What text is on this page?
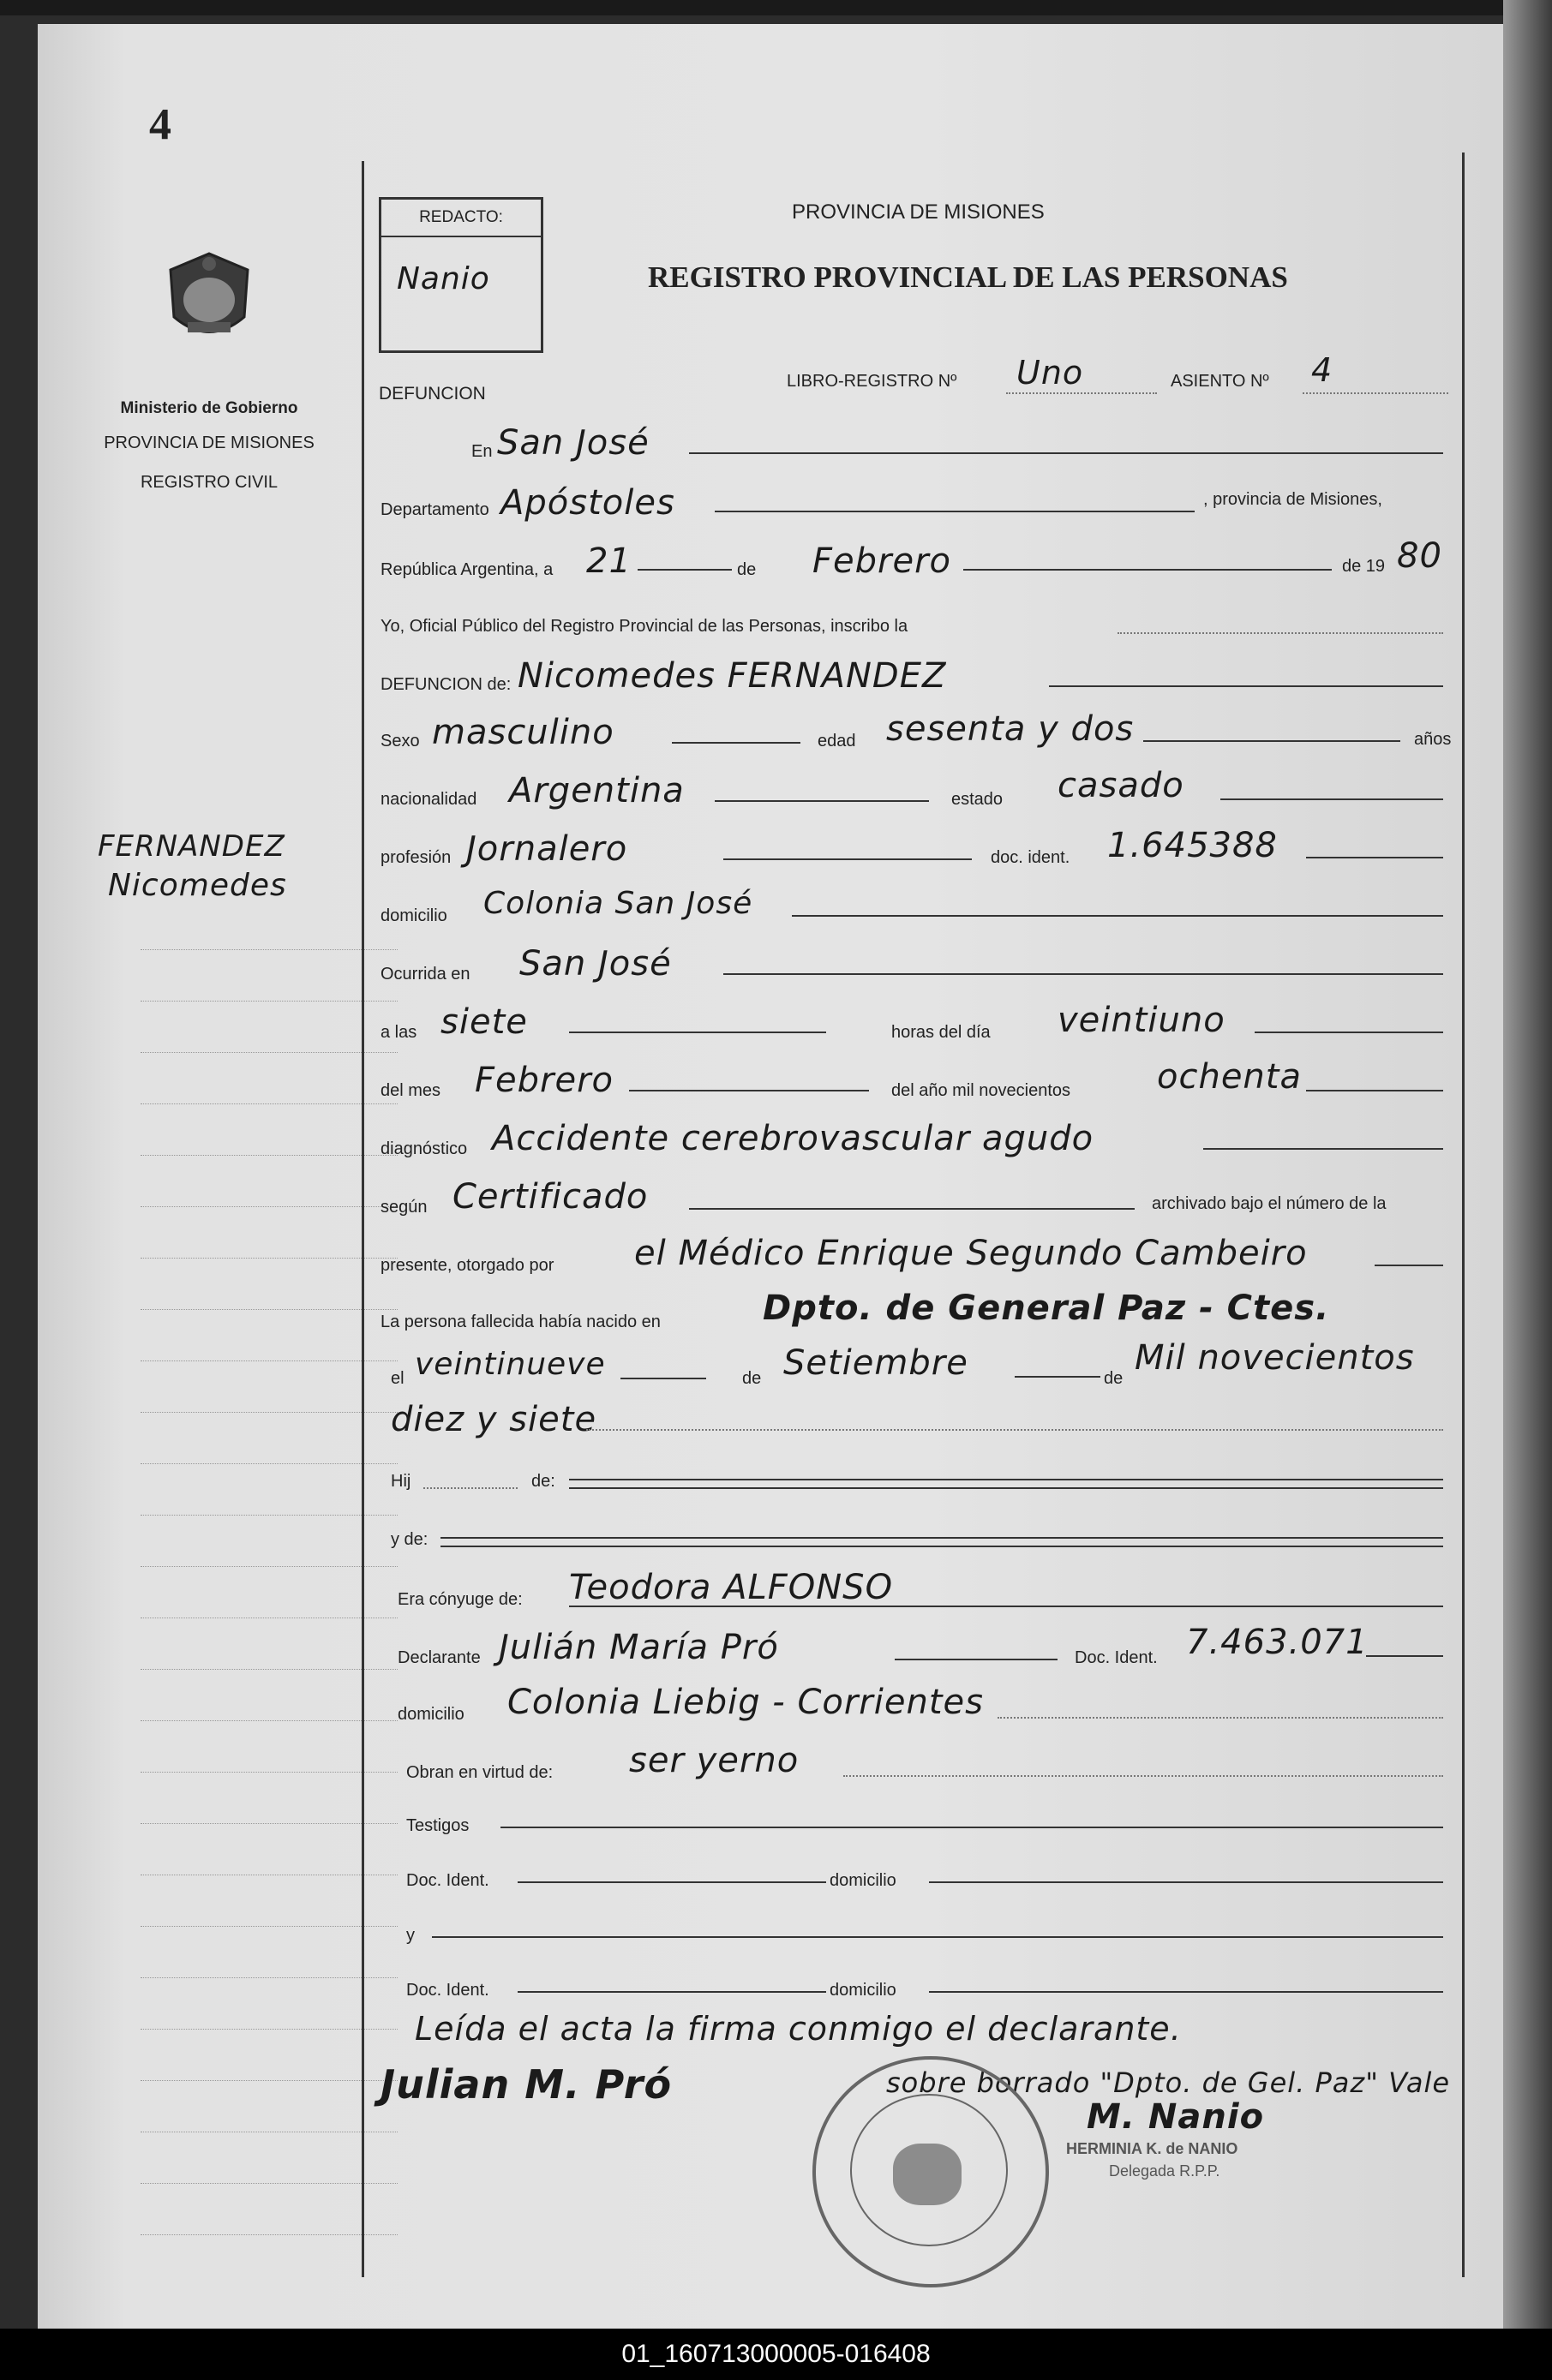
4
Ministerio de Gobierno
PROVINCIA DE MISIONES
REGISTRO CIVIL
FERNANDEZ
Nicomedes
REDACTO:
Nanio
PROVINCIA DE MISIONES
REGISTRO PROVINCIAL DE LAS PERSONAS
DEFUNCION
LIBRO-REGISTRO Nº Uno	ASIENTO Nº 4
En San José
Departamento Apóstoles	, provincia de Misiones,
República Argentina, a 21	de Febrero	de 19 80
Yo, Oficial Público del Registro Provincial de las Personas, inscribo la
DEFUNCION de: Nicomedes FERNANDEZ
Sexo masculino	edad sesenta y dos	años
nacionalidad Argentina	estado casado
profesión Jornalero	doc. ident. 1.645388
domicilio Colonia San José
Ocurrida en San José
a las siete	horas del día veintiuno
del mes Febrero	del año mil novecientos	ochenta
diagnóstico Accidente cerebrovascular agudo
según Certificado	archivado bajo el número de la
presente, otorgado por el Médico Enrique Segundo Cambeiro
La persona fallecida había nacido en	Dpto. de General Paz - Ctes.
el veintinueve	de Setiembre	de
Mil novecientos
diez y siete
Hij	de:
y de:
Era cónyuge de: Teodora ALFONSO
Declarante Julián María Pró	Doc. Ident. 7.463.071
domicilio Colonia Liebig - Corrientes
Obran en virtud de: ser yerno
Testigos
Doc. Ident.	domicilio
y
Doc. Ident.	domicilio
Leída el acta la firma conmigo el declarante.
Julian M. Pró	sobre borrado "Dpto. de Gel. Paz" Vale
M. Nanio
HERMINIA K. de NANIO
Delegada R.P.P.
01_160713000005-016408
